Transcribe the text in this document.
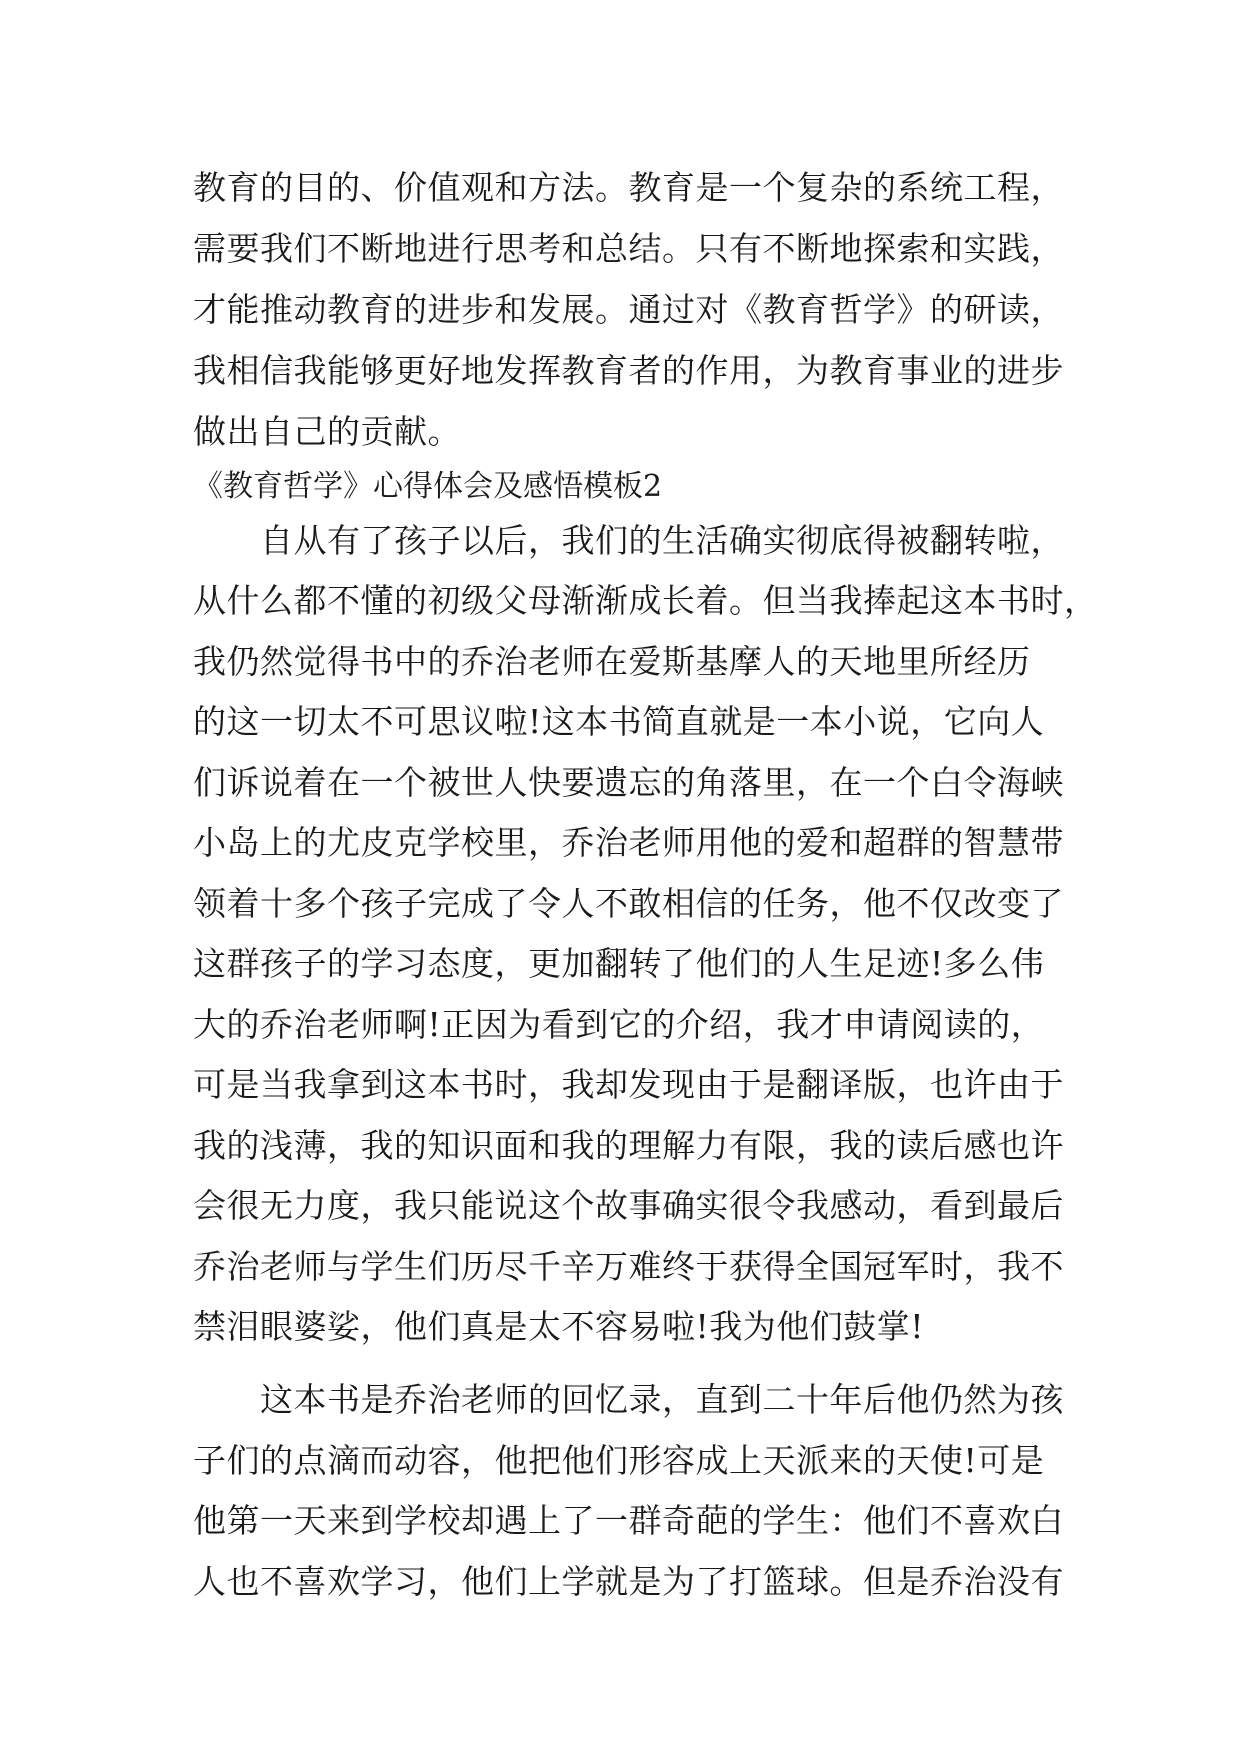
教育的目的、价值观和方法。教育是一个复杂的系统工程，
需要我们不断地进行思考和总结。只有不断地探索和实践，
才能推动教育的进步和发展。通过对《教育哲学》的研读，
我相信我能够更好地发挥教育者的作用，为教育事业的进步
做出自己的贡献。
《教育哲学》心得体会及感悟模板2
　　自从有了孩子以后，我们的生活确实彻底得被翻转啦，
从什么都不懂的初级父母渐渐成长着。但当我捧起这本书时，
我仍然觉得书中的乔治老师在爱斯基摩人的天地里所经历
的这一切太不可思议啦!这本书简直就是一本小说，它向人
们诉说着在一个被世人快要遗忘的角落里，在一个白令海峡
小岛上的尤皮克学校里，乔治老师用他的爱和超群的智慧带
领着十多个孩子完成了令人不敢相信的任务，他不仅改变了
这群孩子的学习态度，更加翻转了他们的人生足迹!多么伟
大的乔治老师啊!正因为看到它的介绍，我才申请阅读的，
可是当我拿到这本书时，我却发现由于是翻译版，也许由于
我的浅薄，我的知识面和我的理解力有限，我的读后感也许
会很无力度，我只能说这个故事确实很令我感动，看到最后
乔治老师与学生们历尽千辛万难终于获得全国冠军时，我不
禁泪眼婆娑，他们真是太不容易啦!我为他们鼓掌!
　　这本书是乔治老师的回忆录，直到二十年后他仍然为孩
子们的点滴而动容，他把他们形容成上天派来的天使!可是
他第一天来到学校却遇上了一群奇葩的学生：他们不喜欢白
人也不喜欢学习，他们上学就是为了打篮球。但是乔治没有
